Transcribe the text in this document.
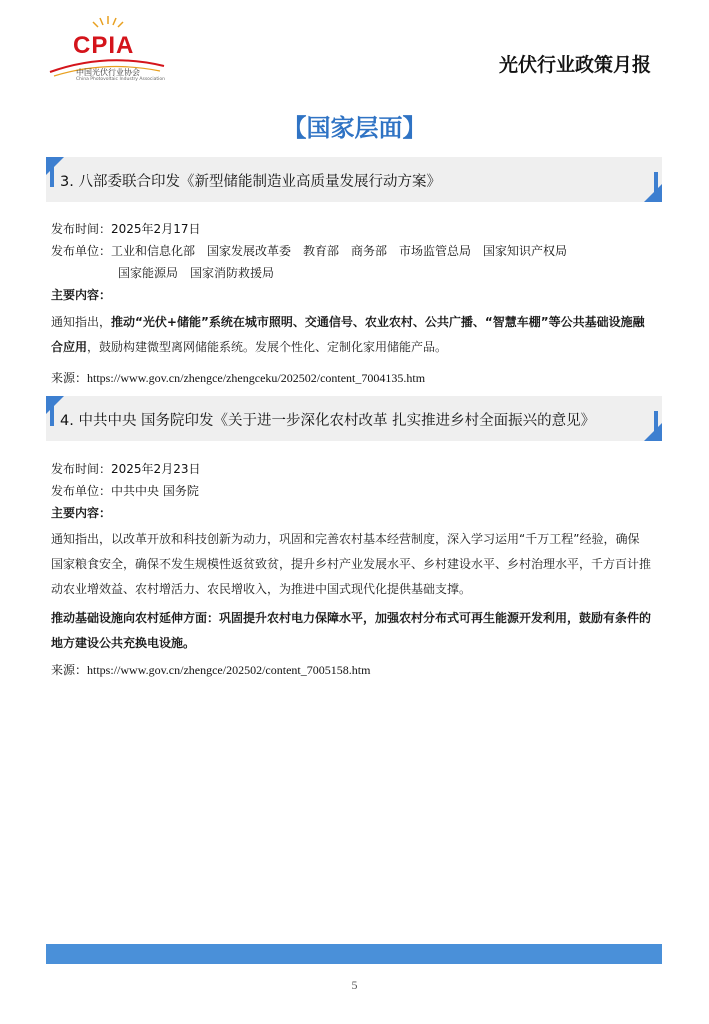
CPIA
中国光伏行业协会
China Photovoltaic Industry Association
光伏行业政策月报
【国家层面】
3. 八部委联合印发《新型储能制造业高质量发展行动方案》
发布时间：2025年2月17日
发布单位：工业和信息化部　国家发展改革委　教育部　商务部　市场监管总局　国家知识产权局
国家能源局　国家消防救援局
主要内容：
通知指出，推动“光伏+储能”系统在城市照明、交通信号、农业农村、公共广播、“智慧车棚”等公共基础设施融合应用，鼓励构建微型离网储能系统。发展个性化、定制化家用储能产品。
来源：https://www.gov.cn/zhengce/zhengceku/202502/content_7004135.htm
4. 中共中央 国务院印发《关于进一步深化农村改革 扎实推进乡村全面振兴的意见》
发布时间：2025年2月23日
发布单位：中共中央 国务院
主要内容：
通知指出，以改革开放和科技创新为动力，巩固和完善农村基本经营制度，深入学习运用“千万工程”经验，确保国家粮食安全，确保不发生规模性返贫致贫，提升乡村产业发展水平、乡村建设水平、乡村治理水平，千方百计推动农业增效益、农村增活力、农民增收入，为推进中国式现代化提供基础支撑。
推动基础设施向农村延伸方面：巩固提升农村电力保障水平，加强农村分布式可再生能源开发利用，鼓励有条件的地方建设公共充换电设施。
来源：https://www.gov.cn/zhengce/202502/content_7005158.htm
5
